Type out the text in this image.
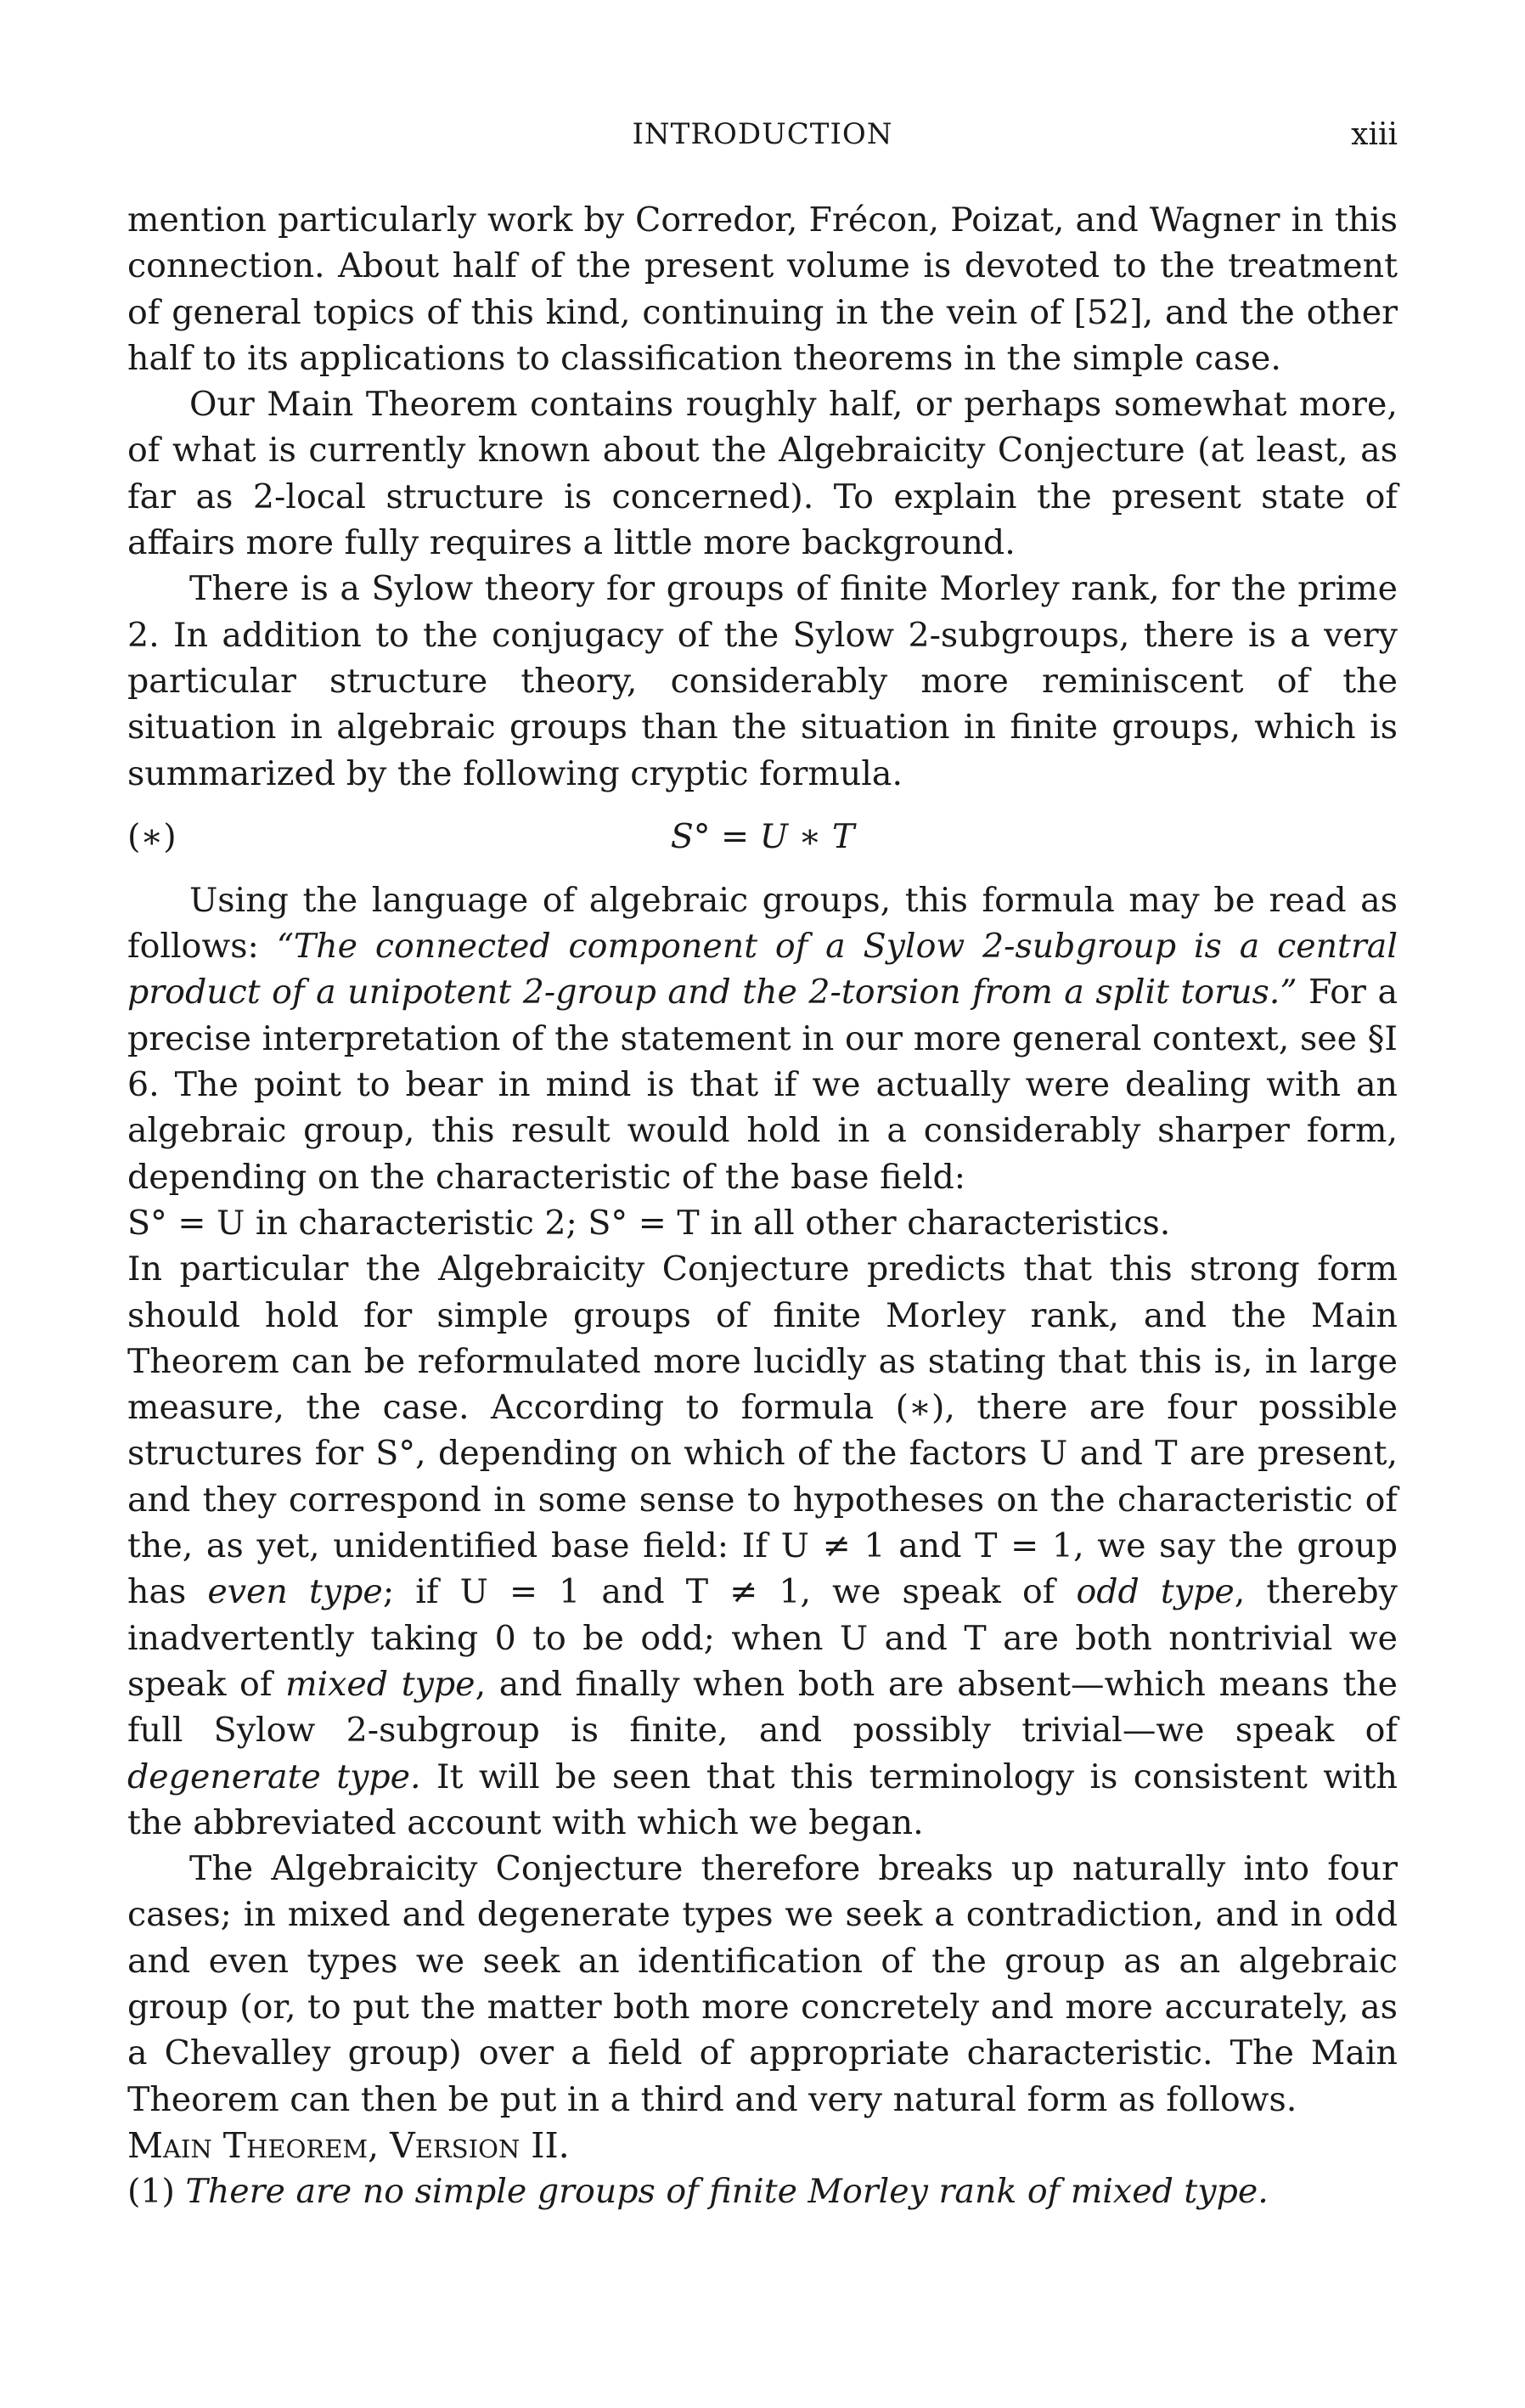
INTRODUCTION	xiii

mention particularly work by Corredor, Frécon, Poizat, and Wagner in this connection. About half of the present volume is devoted to the treatment of general topics of this kind, continuing in the vein of [52], and the other half to its applications to classification theorems in the simple case.

Our Main Theorem contains roughly half, or perhaps somewhat more, of what is currently known about the Algebraicity Conjecture (at least, as far as 2-local structure is concerned). To explain the present state of affairs more fully requires a little more background.

There is a Sylow theory for groups of finite Morley rank, for the prime 2. In addition to the conjugacy of the Sylow 2-subgroups, there is a very particular structure theory, considerably more reminiscent of the situation in algebraic groups than the situation in finite groups, which is summarized by the following cryptic formula.

(∗)	S° = U ∗ T

Using the language of algebraic groups, this formula may be read as follows: “The connected component of a Sylow 2-subgroup is a central product of a unipotent 2-group and the 2-torsion from a split torus.” For a precise interpretation of the statement in our more general context, see §I 6. The point to bear in mind is that if we actually were dealing with an algebraic group, this result would hold in a considerably sharper form, depending on the characteristic of the base field:

S° = U in characteristic 2; S° = T in all other characteristics.

In particular the Algebraicity Conjecture predicts that this strong form should hold for simple groups of finite Morley rank, and the Main Theorem can be reformulated more lucidly as stating that this is, in large measure, the case. According to formula (∗), there are four possible structures for S°, depending on which of the factors U and T are present, and they correspond in some sense to hypotheses on the characteristic of the, as yet, unidentified base field: If U ≠ 1 and T = 1, we say the group has even type; if U = 1 and T ≠ 1, we speak of odd type, thereby inadvertently taking 0 to be odd; when U and T are both nontrivial we speak of mixed type, and finally when both are absent—which means the full Sylow 2-subgroup is finite, and possibly trivial—we speak of degenerate type. It will be seen that this terminology is consistent with the abbreviated account with which we began.

The Algebraicity Conjecture therefore breaks up naturally into four cases; in mixed and degenerate types we seek a contradiction, and in odd and even types we seek an identification of the group as an algebraic group (or, to put the matter both more concretely and more accurately, as a Chevalley group) over a field of appropriate characteristic. The Main Theorem can then be put in a third and very natural form as follows.

Main Theorem, Version II.

(1) There are no simple groups of finite Morley rank of mixed type.
